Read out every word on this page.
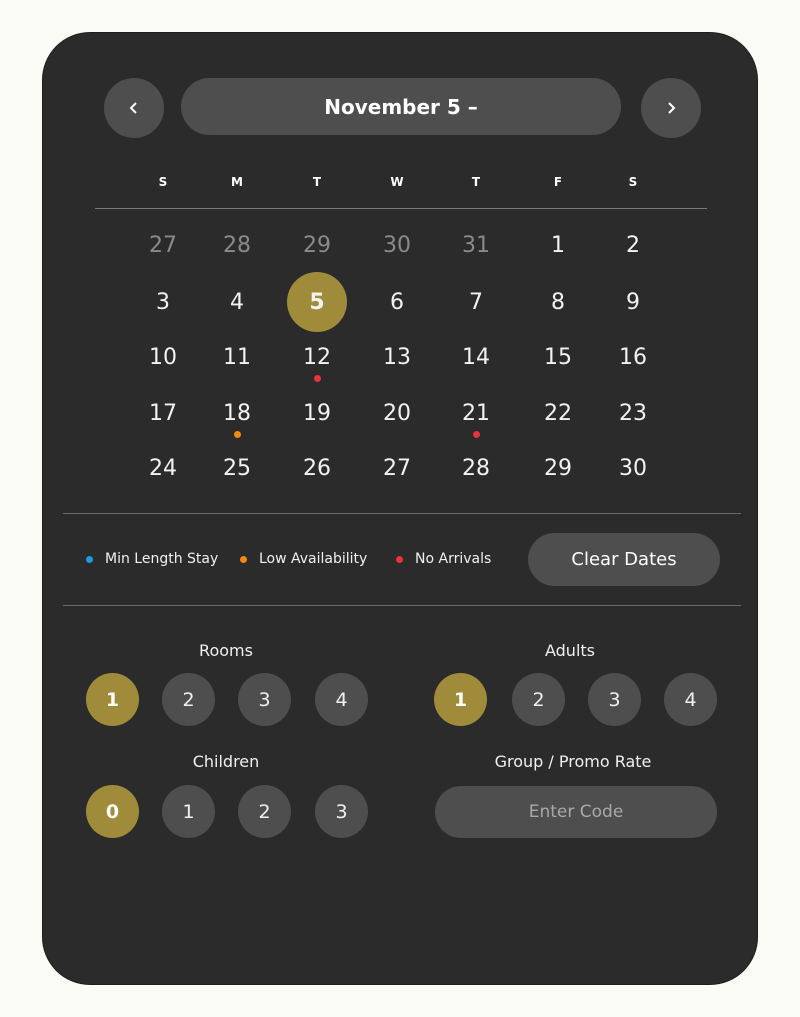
November 5 –
S	M	T	W	T	F	S
27	28	29	30	31	1	2
3	4	5	6	7	8	9
10	11	12	13	14	15	16
17	18	19	20	21	22	23
24	25	26	27	28	29	30
Min Length Stay	Low Availability	No Arrivals	Clear Dates
Rooms	Adults
Children	Group / Promo Rate
1	2	3	4	1	2	3	4
0	1	2	3
Enter Code
